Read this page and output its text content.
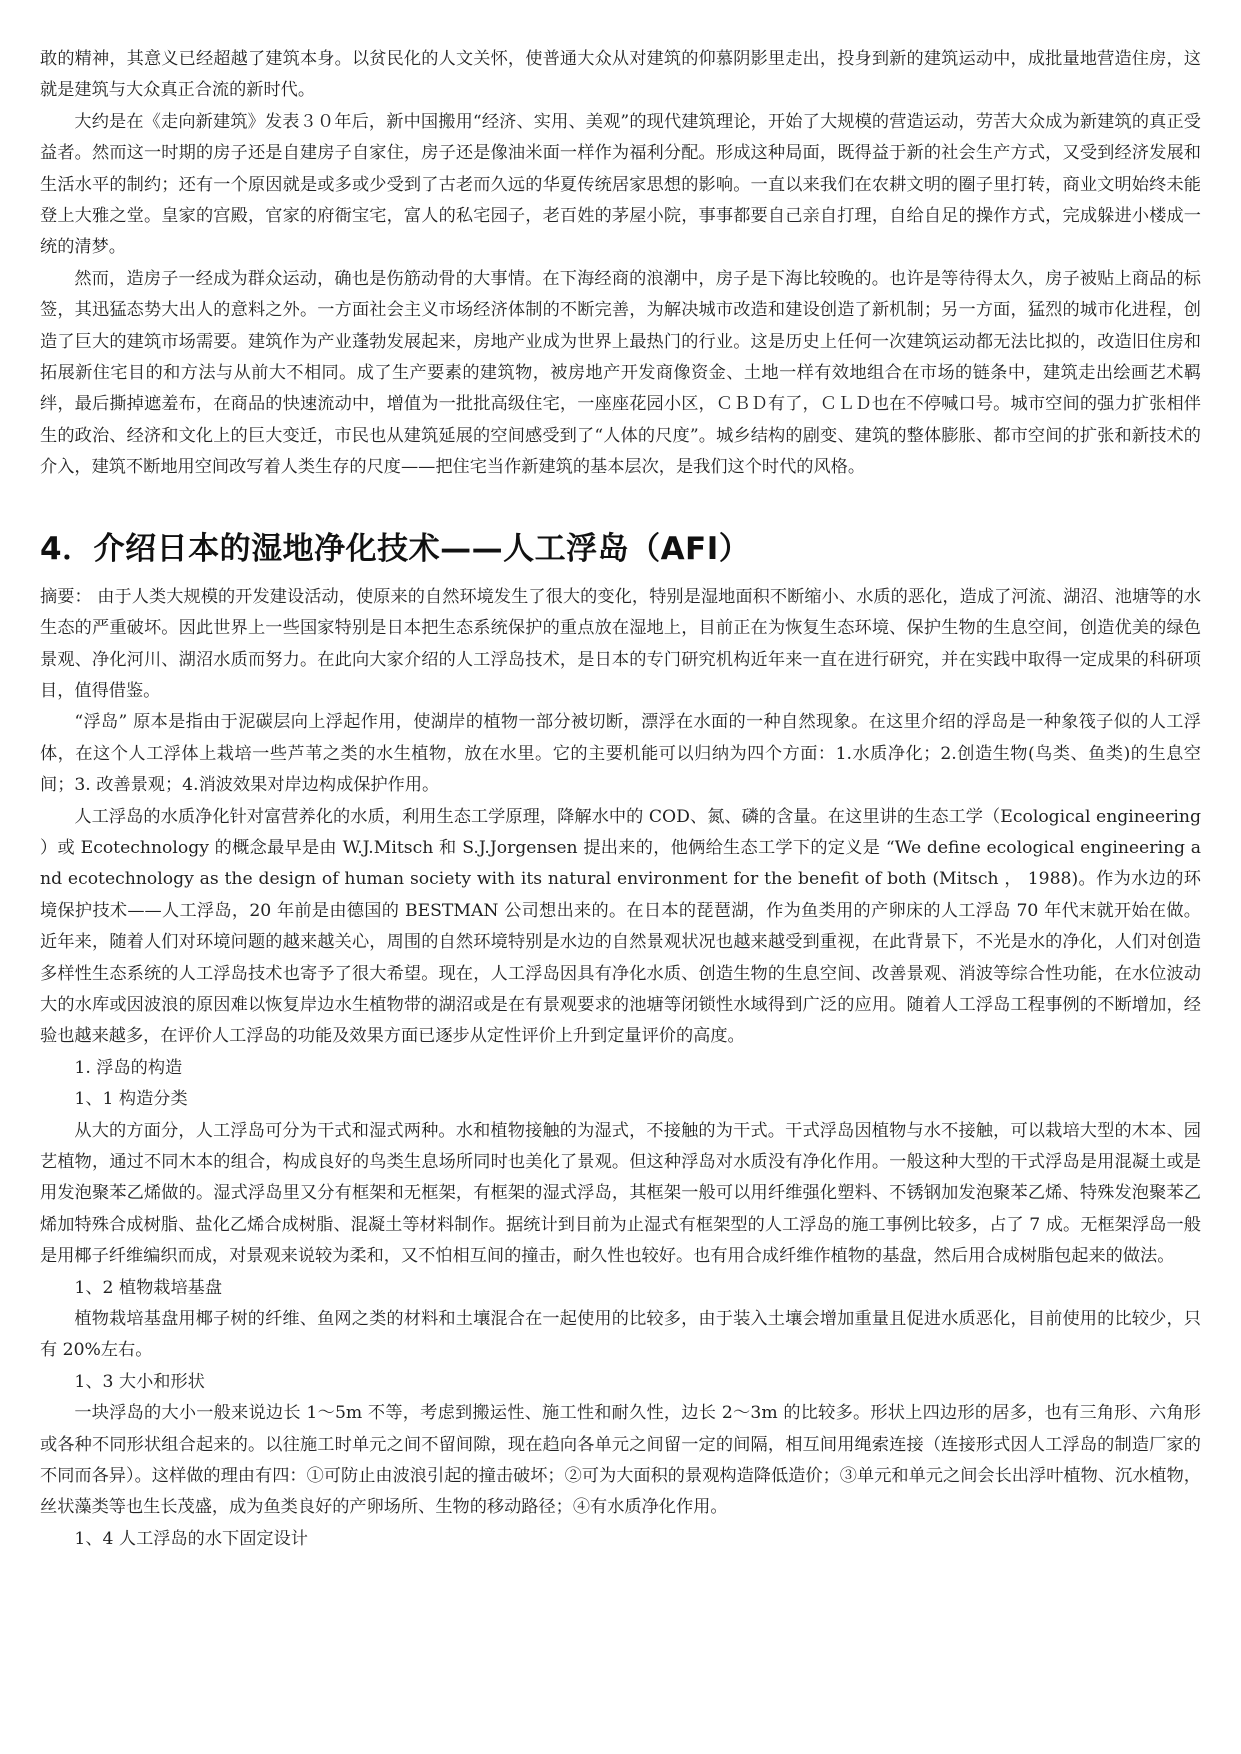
敢的精神，其意义已经超越了建筑本身。以贫民化的人文关怀，使普通大众从对建筑的仰慕阴影里走出，投身到新的建筑运动中，成批量地营造住房，这就是建筑与大众真正合流的新时代。

大约是在《走向新建筑》发表３０年后，新中国搬用“经济、实用、美观”的现代建筑理论，开始了大规模的营造运动，劳苦大众成为新建筑的真正受益者。然而这一时期的房子还是自建房子自家住，房子还是像油米面一样作为福利分配。形成这种局面，既得益于新的社会生产方式，又受到经济发展和生活水平的制约；还有一个原因就是或多或少受到了古老而久远的华夏传统居家思想的影响。一直以来我们在农耕文明的圈子里打转，商业文明始终未能登上大雅之堂。皇家的宫殿，官家的府衙宝宅，富人的私宅园子，老百姓的茅屋小院，事事都要自己亲自打理，自给自足的操作方式，完成躲进小楼成一统的清梦。

然而，造房子一经成为群众运动，确也是伤筋动骨的大事情。在下海经商的浪潮中，房子是下海比较晚的。也许是等待得太久，房子被贴上商品的标签，其迅猛态势大出人的意料之外。一方面社会主义市场经济体制的不断完善，为解决城市改造和建设创造了新机制；另一方面，猛烈的城市化进程，创造了巨大的建筑市场需要。建筑作为产业蓬勃发展起来，房地产业成为世界上最热门的行业。这是历史上任何一次建筑运动都无法比拟的，改造旧住房和拓展新住宅目的和方法与从前大不相同。成了生产要素的建筑物，被房地产开发商像资金、土地一样有效地组合在市场的链条中，建筑走出绘画艺术羁绊，最后撕掉遮羞布，在商品的快速流动中，增值为一批批高级住宅，一座座花园小区，ＣＢＤ有了，ＣＬＤ也在不停喊口号。城市空间的强力扩张相伴生的政治、经济和文化上的巨大变迁，市民也从建筑延展的空间感受到了“人体的尺度”。城乡结构的剧变、建筑的整体膨胀、都市空间的扩张和新技术的介入，建筑不断地用空间改写着人类生存的尺度——把住宅当作新建筑的基本层次，是我们这个时代的风格。

4．介绍日本的湿地净化技术——人工浮岛（AFI）

摘要： 由于人类大规模的开发建设活动，使原来的自然环境发生了很大的变化，特别是湿地面积不断缩小、水质的恶化，造成了河流、湖沼、池塘等的水生态的严重破坏。因此世界上一些国家特别是日本把生态系统保护的重点放在湿地上，目前正在为恢复生态环境、保护生物的生息空间，创造优美的绿色景观、净化河川、湖沼水质而努力。在此向大家介绍的人工浮岛技术，是日本的专门研究机构近年来一直在进行研究，并在实践中取得一定成果的科研项目，值得借鉴。

“浮岛” 原本是指由于泥碳层向上浮起作用，使湖岸的植物一部分被切断，漂浮在水面的一种自然现象。在这里介绍的浮岛是一种象筏子似的人工浮体，在这个人工浮体上栽培一些芦苇之类的水生植物，放在水里。它的主要机能可以归纳为四个方面：1.水质净化；2.创造生物(鸟类、鱼类)的生息空间；3. 改善景观；4.消波效果对岸边构成保护作用。

人工浮岛的水质净化针对富营养化的水质，利用生态工学原理，降解水中的 COD、氮、磷的含量。在这里讲的生态工学（Ecological engineering ）或 Ecotechnology 的概念最早是由 W.J.Mitsch 和 S.J.Jorgensen 提出来的，他俩给生态工学下的定义是 “We define ecological engineering and ecotechnology as the design of human society with its natural environment for the benefit of both (Mitsch ， 1988)。作为水边的环境保护技术——人工浮岛，20 年前是由德国的 BESTMAN 公司想出来的。在日本的琵琶湖，作为鱼类用的产卵床的人工浮岛 70 年代末就开始在做。近年来，随着人们对环境问题的越来越关心，周围的自然环境特别是水边的自然景观状况也越来越受到重视，在此背景下，不光是水的净化，人们对创造多样性生态系统的人工浮岛技术也寄予了很大希望。现在，人工浮岛因具有净化水质、创造生物的生息空间、改善景观、消波等综合性功能，在水位波动大的水库或因波浪的原因难以恢复岸边水生植物带的湖沼或是在有景观要求的池塘等闭锁性水域得到广泛的应用。随着人工浮岛工程事例的不断增加，经验也越来越多，在评价人工浮岛的功能及效果方面已逐步从定性评价上升到定量评价的高度。

1. 浮岛的构造

1、1 构造分类

从大的方面分，人工浮岛可分为干式和湿式两种。水和植物接触的为湿式，不接触的为干式。干式浮岛因植物与水不接触，可以栽培大型的木本、园艺植物，通过不同木本的组合，构成良好的鸟类生息场所同时也美化了景观。但这种浮岛对水质没有净化作用。一般这种大型的干式浮岛是用混凝土或是用发泡聚苯乙烯做的。湿式浮岛里又分有框架和无框架，有框架的湿式浮岛，其框架一般可以用纤维强化塑料、不锈钢加发泡聚苯乙烯、特殊发泡聚苯乙烯加特殊合成树脂、盐化乙烯合成树脂、混凝土等材料制作。据统计到目前为止湿式有框架型的人工浮岛的施工事例比较多，占了 7 成。无框架浮岛一般是用椰子纤维编织而成，对景观来说较为柔和，又不怕相互间的撞击，耐久性也较好。也有用合成纤维作植物的基盘，然后用合成树脂包起来的做法。

1、2 植物栽培基盘

植物栽培基盘用椰子树的纤维、鱼网之类的材料和土壤混合在一起使用的比较多，由于装入土壤会增加重量且促进水质恶化，目前使用的比较少，只有 20%左右。

1、3 大小和形状

一块浮岛的大小一般来说边长 1～5m 不等，考虑到搬运性、施工性和耐久性，边长 2～3m 的比较多。形状上四边形的居多，也有三角形、六角形或各种不同形状组合起来的。以往施工时单元之间不留间隙，现在趋向各单元之间留一定的间隔，相互间用绳索连接（连接形式因人工浮岛的制造厂家的不同而各异）。这样做的理由有四：①可防止由波浪引起的撞击破坏；②可为大面积的景观构造降低造价；③单元和单元之间会长出浮叶植物、沉水植物，丝状藻类等也生长茂盛，成为鱼类良好的产卵场所、生物的移动路径；④有水质净化作用。

1、4 人工浮岛的水下固定设计
